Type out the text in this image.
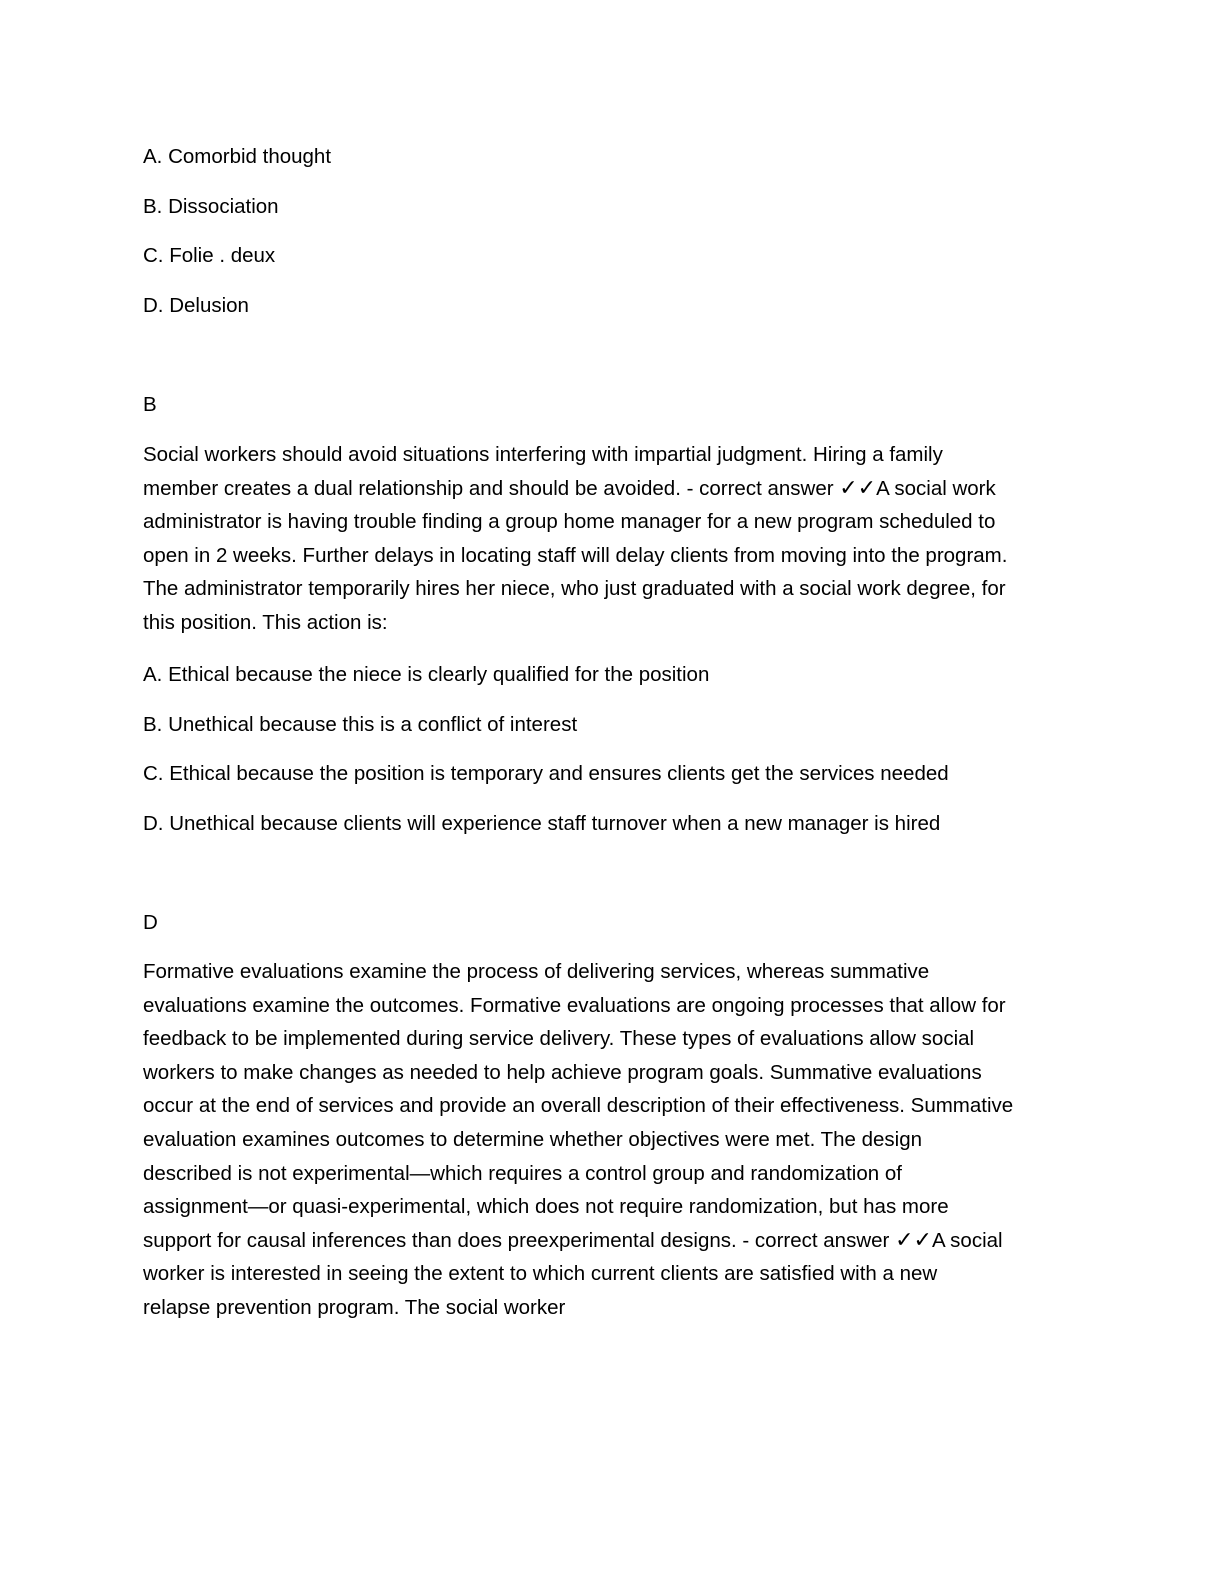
A. Comorbid thought
B. Dissociation
C. Folie . deux
D. Delusion
B
Social workers should avoid situations interfering with impartial judgment. Hiring a family
member creates a dual relationship and should be avoided. - correct answer ✓✓A social work
administrator is having trouble finding a group home manager for a new program scheduled to
open in 2 weeks. Further delays in locating staff will delay clients from moving into the program.
The administrator temporarily hires her niece, who just graduated with a social work degree, for
this position. This action is:
A. Ethical because the niece is clearly qualified for the position
B. Unethical because this is a conflict of interest
C. Ethical because the position is temporary and ensures clients get the services needed
D. Unethical because clients will experience staff turnover when a new manager is hired
D
Formative evaluations examine the process of delivering services, whereas summative
evaluations examine the outcomes. Formative evaluations are ongoing processes that allow for
feedback to be implemented during service delivery. These types of evaluations allow social
workers to make changes as needed to help achieve program goals. Summative evaluations
occur at the end of services and provide an overall description of their effectiveness. Summative
evaluation examines outcomes to determine whether objectives were met. The design
described is not experimental—which requires a control group and randomization of
assignment—or quasi-experimental, which does not require randomization, but has more
support for causal inferences than does preexperimental designs. - correct answer ✓✓A social
worker is interested in seeing the extent to which current clients are satisfied with a new
relapse prevention program. The social worker
